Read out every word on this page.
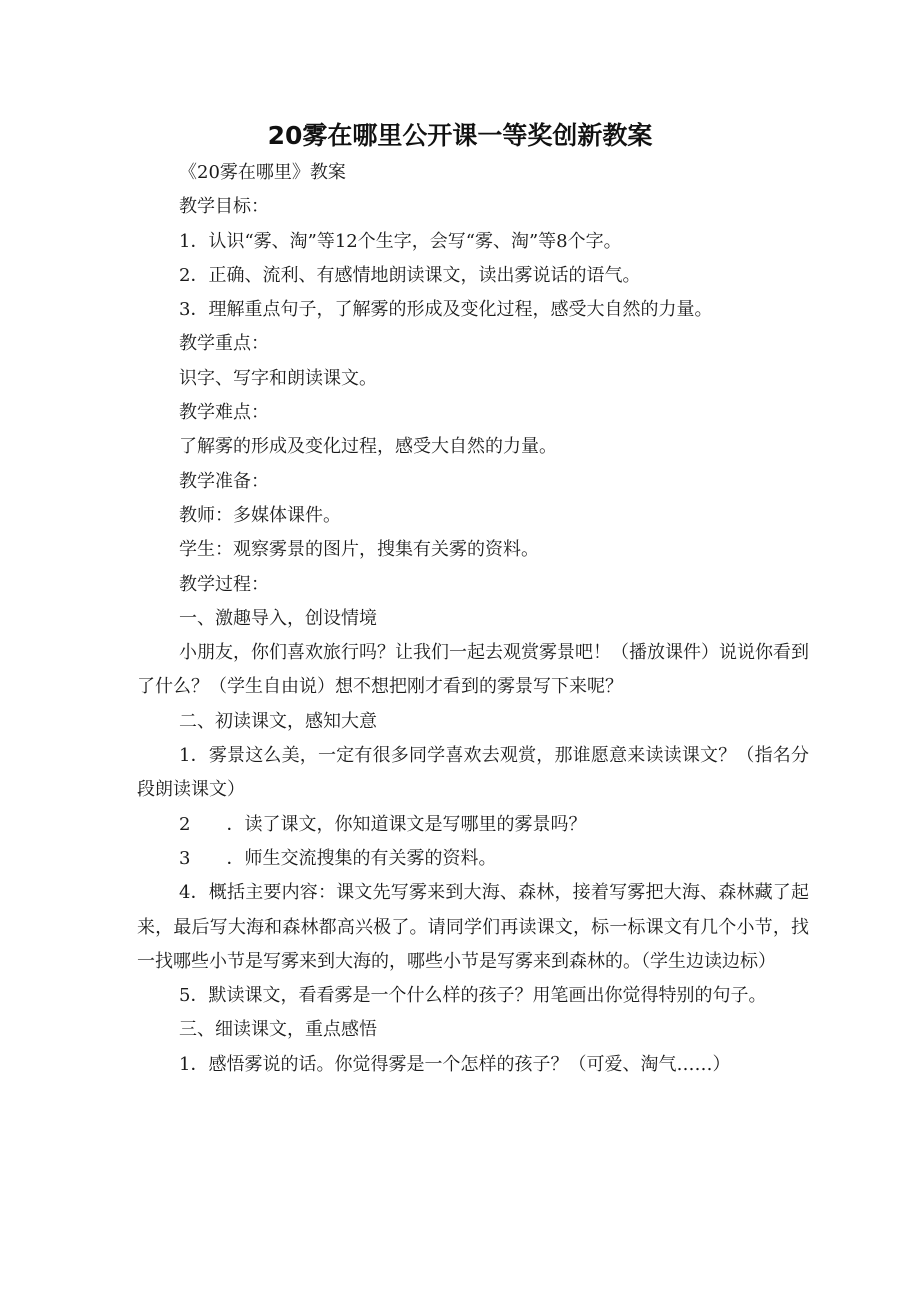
20雾在哪里公开课一等奖创新教案

《20雾在哪里》教案

教学目标：

1．认识“雾、淘”等12个生字，会写“雾、淘”等8个字。

2．正确、流利、有感情地朗读课文，读出雾说话的语气。

3．理解重点句子，了解雾的形成及变化过程，感受大自然的力量。

教学重点：

识字、写字和朗读课文。

教学难点：

了解雾的形成及变化过程，感受大自然的力量。

教学准备：

教师：多媒体课件。

学生：观察雾景的图片，搜集有关雾的资料。

教学过程：

一、激趣导入，创设情境

小朋友，你们喜欢旅行吗？让我们一起去观赏雾景吧！（播放课件）说说你看到了什么？（学生自由说）想不想把刚才看到的雾景写下来呢？

二、初读课文，感知大意

1．雾景这么美，一定有很多同学喜欢去观赏，那谁愿意来读读课文？（指名分段朗读课文）

2　　．读了课文，你知道课文是写哪里的雾景吗？

3　　．师生交流搜集的有关雾的资料。

4．概括主要内容：课文先写雾来到大海、森林，接着写雾把大海、森林藏了起来，最后写大海和森林都高兴极了。请同学们再读课文，标一标课文有几个小节，找一找哪些小节是写雾来到大海的，哪些小节是写雾来到森林的。（学生边读边标）

5．默读课文，看看雾是一个什么样的孩子？用笔画出你觉得特别的句子。

三、细读课文，重点感悟

1．感悟雾说的话。你觉得雾是一个怎样的孩子？（可爱、淘气……）
